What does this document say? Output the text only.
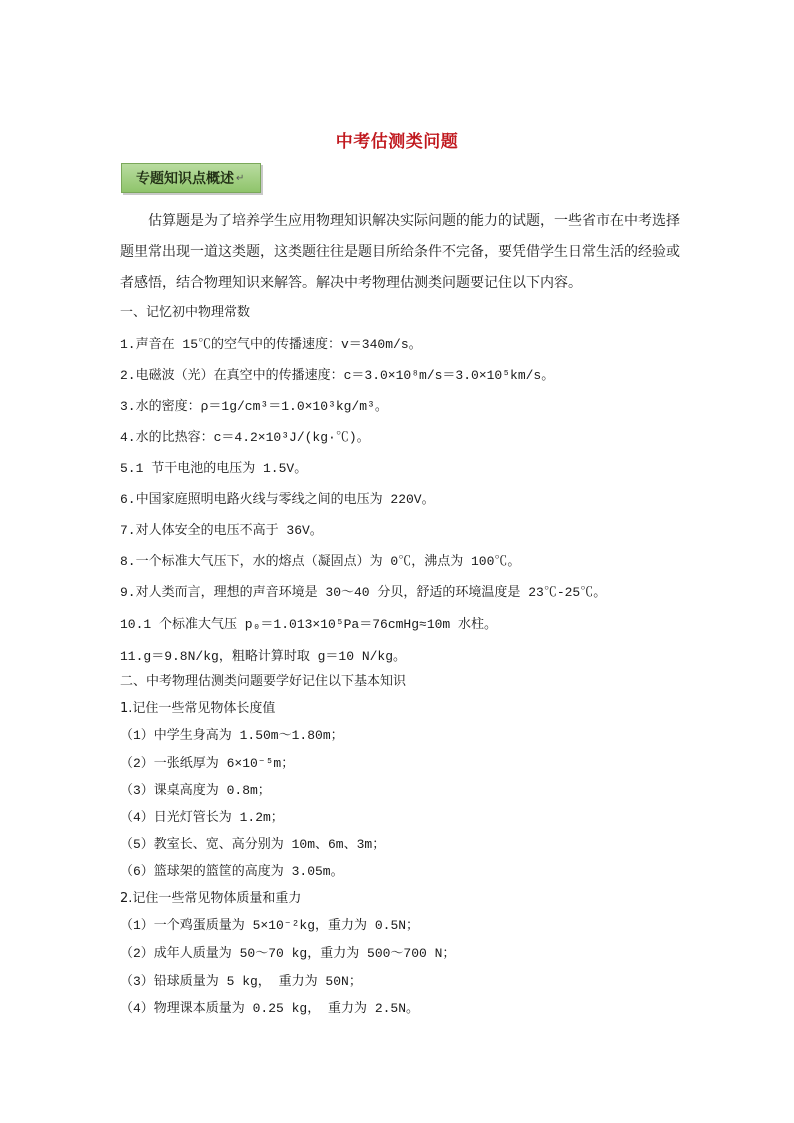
中考估测类问题
专题知识点概述 ↵
估算题是为了培养学生应用物理知识解决实际问题的能力的试题，一些省市在中考选择题里常出现一道这类题，这类题往往是题目所给条件不完备，要凭借学生日常生活的经验或者感悟，结合物理知识来解答。解决中考物理估测类问题要记住以下内容。
一、记忆初中物理常数
1.声音在 15℃的空气中的传播速度：v＝340m/s。
2.电磁波（光）在真空中的传播速度：c＝3.0×10⁸m/s＝3.0×10⁵km/s。
3.水的密度：ρ＝1g/cm³＝1.0×10³kg/m³。
4.水的比热容：c＝4.2×10³J/(kg·℃)。
5.1 节干电池的电压为 1.5V。
6.中国家庭照明电路火线与零线之间的电压为 220V。
7.对人体安全的电压不高于 36V。
8.一个标准大气压下，水的熔点（凝固点）为 0℃，沸点为 100℃。
9.对人类而言，理想的声音环境是 30～40 分贝，舒适的环境温度是 23℃-25℃。
10.1 个标准大气压 p₀＝1.013×10⁵Pa＝76cmHg≈10m 水柱。
11.g＝9.8N/kg，粗略计算时取 g＝10 N/kg。
二、中考物理估测类问题要学好记住以下基本知识
1.记住一些常见物体长度值
（1）中学生身高为 1.50m～1.80m；
（2）一张纸厚为 6×10⁻⁵m；
（3）课桌高度为 0.8m；
（4）日光灯管长为 1.2m；
（5）教室长、宽、高分别为 10m、6m、3m；
（6）篮球架的篮筐的高度为 3.05m。
2.记住一些常见物体质量和重力
（1）一个鸡蛋质量为 5×10⁻²kg，重力为 0.5N；
（2）成年人质量为 50～70 kg，重力为 500～700 N；
（3）铅球质量为 5 kg， 重力为 50N；
（4）物理课本质量为 0.25 kg， 重力为 2.5N。
